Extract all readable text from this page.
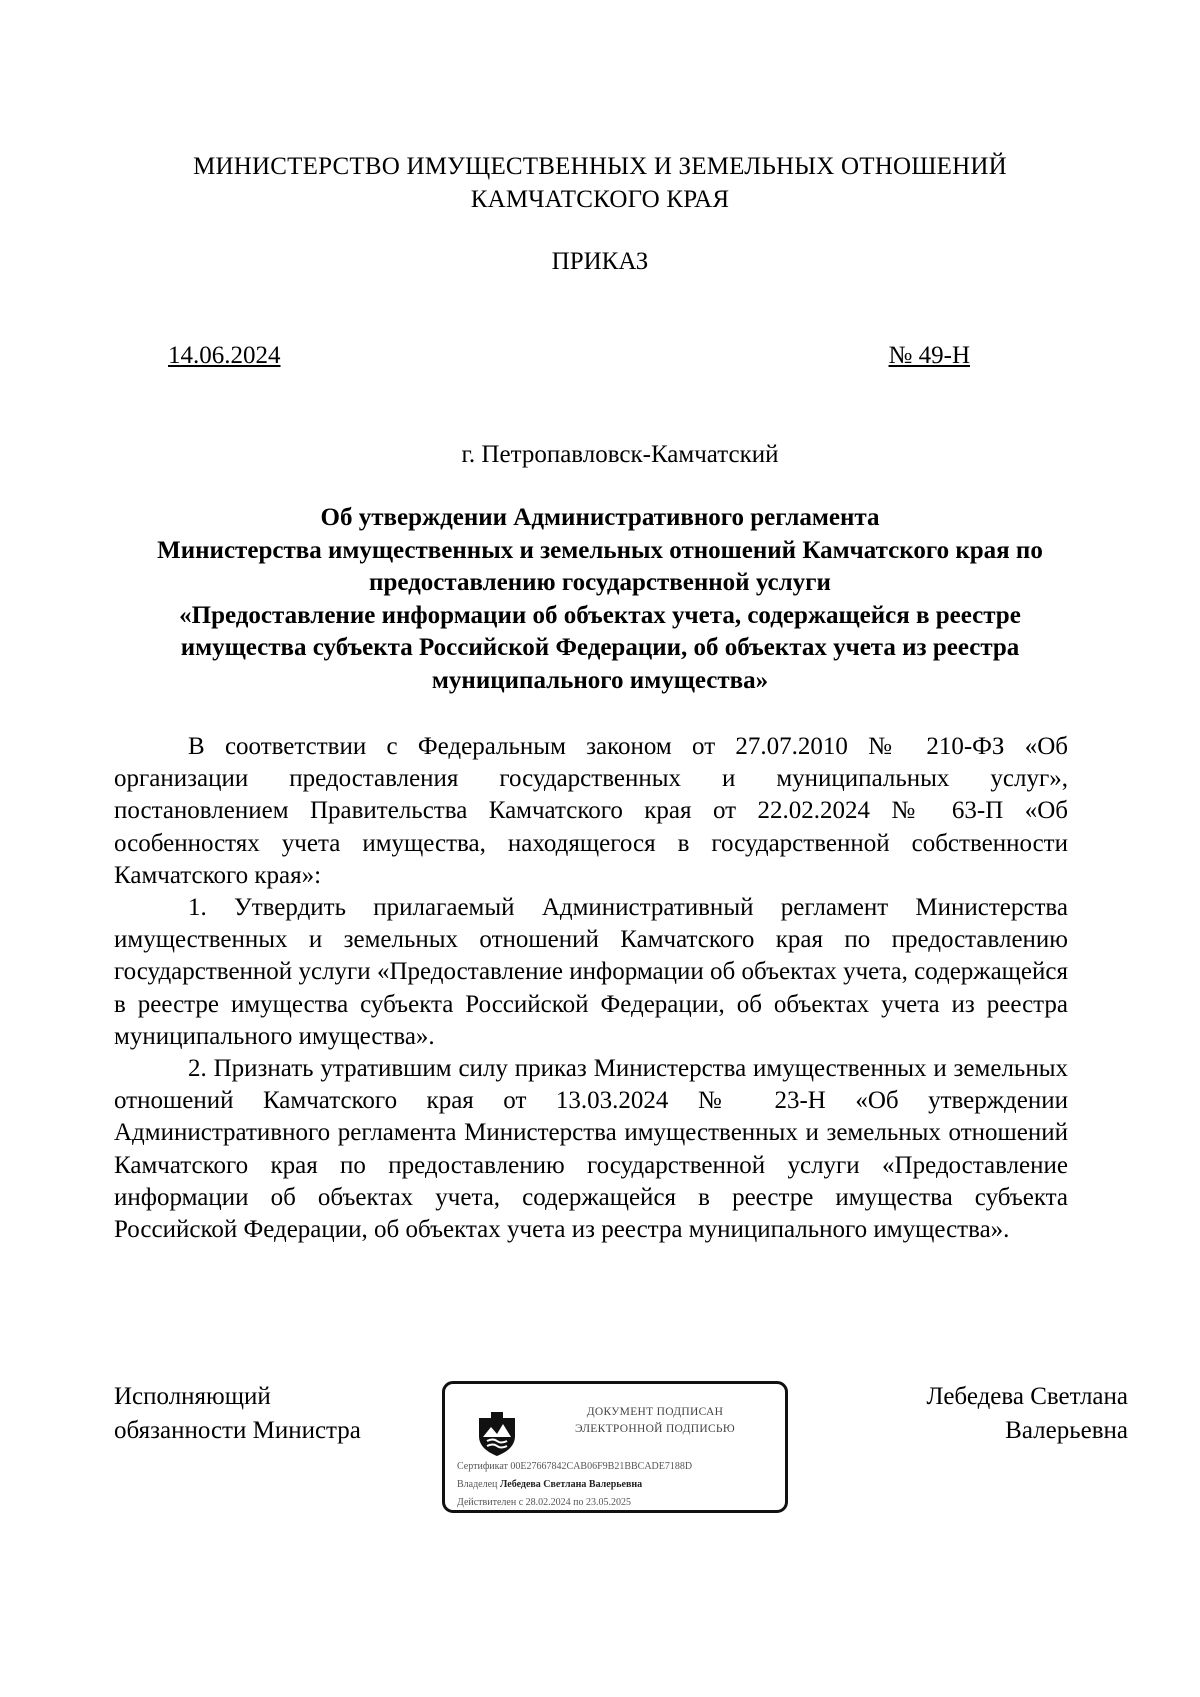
МИНИСТЕРСТВО ИМУЩЕСТВЕННЫХ И ЗЕМЕЛЬНЫХ ОТНОШЕНИЙ
КАМЧАТСКОГО КРАЯ
ПРИКАЗ
14.06.2024	№ 49-Н
г. Петропавловск-Камчатский
Об утверждении Административного регламента
Министерства имущественных и земельных отношений Камчатского края по
предоставлению государственной услуги
«Предоставление информации об объектах учета, содержащейся в реестре
имущества субъекта Российской Федерации, об объектах учета из реестра
муниципального имущества»

В соответствии с Федеральным законом от 27.07.2010 № 210-ФЗ «Об организации предоставления государственных и муниципальных услуг», постановлением Правительства Камчатского края от 22.02.2024 № 63-П «Об особенностях учета имущества, находящегося в государственной собственности Камчатского края»:

1. Утвердить прилагаемый Административный регламент Министерства имущественных и земельных отношений Камчатского края по предоставлению государственной услуги «Предоставление информации об объектах учета, содержащейся в реестре имущества субъекта Российской Федерации, об объектах учета из реестра муниципального имущества».

2. Признать утратившим силу приказ Министерства имущественных и земельных отношений Камчатского края от 13.03.2024 № 23-Н «Об утверждении Административного регламента Министерства имущественных и земельных отношений Камчатского края по предоставлению государственной услуги «Предоставление информации об объектах учета, содержащейся в реестре имущества субъекта Российской Федерации, об объектах учета из реестра муниципального имущества».

Исполняющий
обязанности Министра
ДОКУМЕНТ ПОДПИСАН
ЭЛЕКТРОННОЙ ПОДПИСЬЮ
Сертификат 00E27667842CAB06F9B21BBCADE7188D
Владелец Лебедева Светлана Валерьевна
Действителен с 28.02.2024 по 23.05.2025
Лебедева Светлана
Валерьевна
